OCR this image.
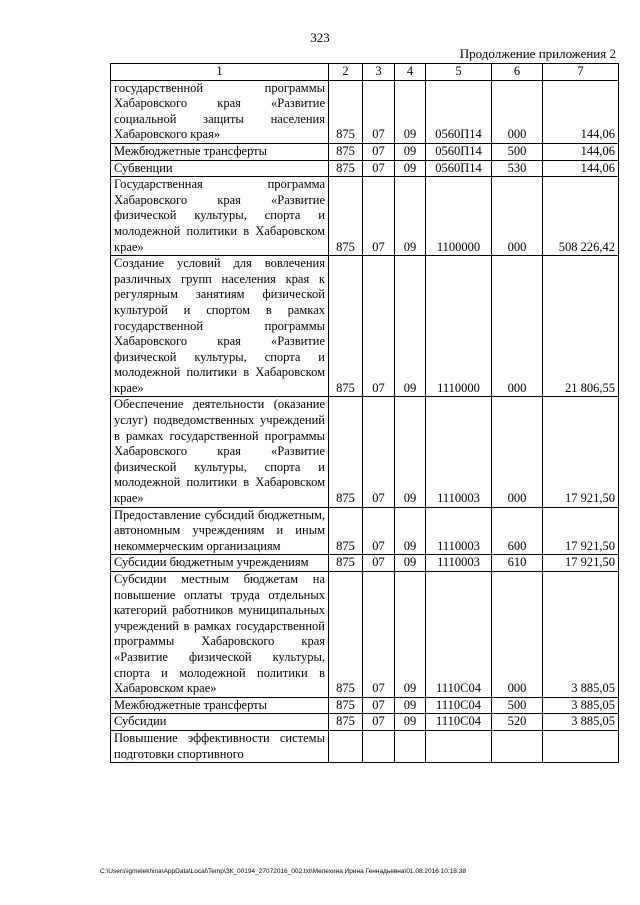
323
Продолжение приложения 2
1	2	3	4	5	6	7
государственной программы Хабаровского края «Развитие социальной защиты населения Хабаровского края»	875	07	09	0560П14	000	144,06
Межбюджетные трансферты	875	07	09	0560П14	500	144,06
Субвенции	875	07	09	0560П14	530	144,06
Государственная программа Хабаровского края «Развитие физической культуры, спорта и молодежной политики в Хабаровском крае»	875	07	09	1100000	000	508 226,42
Создание условий для вовлечения различных групп населения края к регулярным занятиям физической культурой и спортом в рамках государственной программы Хабаровского края «Развитие физической культуры, спорта и молодежной политики в Хабаровском крае»	875	07	09	1110000	000	21 806,55
Обеспечение деятельности (оказание услуг) подведомственных учреждений в рамках государственной программы Хабаровского края «Развитие физической культуры, спорта и молодежной политики в Хабаровском крае»	875	07	09	1110003	000	17 921,50
Предоставление субсидий бюджетным, автономным учреждениям и иным некоммерческим организациям	875	07	09	1110003	600	17 921,50
Субсидии бюджетным учреждениям	875	07	09	1110003	610	17 921,50
Субсидии местным бюджетам на повышение оплаты труда отдельных категорий работников муниципальных учреждений в рамках государственной программы Хабаровского края «Развитие физической культуры, спорта и молодежной политики в Хабаровском крае»	875	07	09	1110С04	000	3 885,05
Межбюджетные трансферты	875	07	09	1110С04	500	3 885,05
Субсидии	875	07	09	1110С04	520	3 885,05
Повышение эффективности системы подготовки спортивного						
C:\Users\igmelekhina\AppData\Local\Temp\ЗК_00194_27072016_002.txt\Мелехина Ирина Геннадьевна\01.08.2016 10:18:38
